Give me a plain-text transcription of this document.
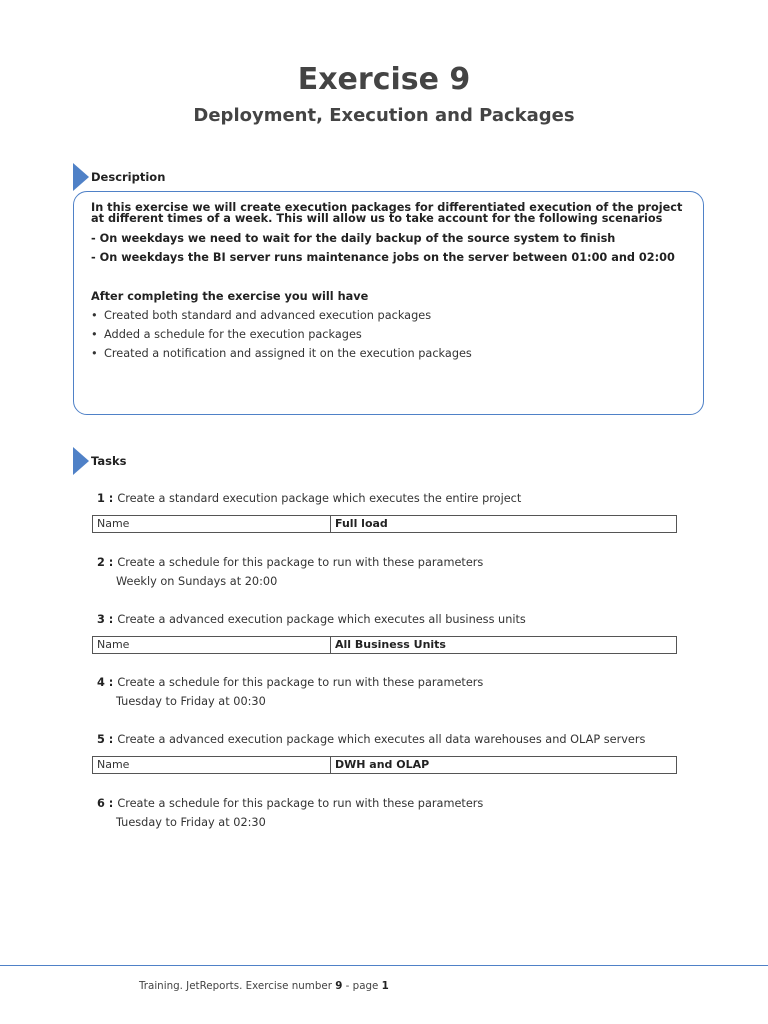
Exercise 9
Deployment, Execution and Packages
Description
In this exercise we will create execution packages for differentiated execution of the project at different times of a week. This will allow us to take account for the following scenarios
- On weekdays we need to wait for the daily backup of the source system to finish
- On weekdays the BI server runs maintenance jobs on the server between 01:00 and 02:00
After completing the exercise you will have
• Created both standard and advanced execution packages
• Added a schedule for the execution packages
• Created a notification and assigned it on the execution packages
Tasks
1 : Create a standard execution package which executes the entire project
Name	Full load
2 : Create a schedule for this package to run with these parameters
Weekly on Sundays at 20:00
3 : Create a advanced execution package which executes all business units
Name	All Business Units
4 : Create a schedule for this package to run with these parameters
Tuesday to Friday at 00:30
5 : Create a advanced execution package which executes all data warehouses and OLAP servers
Name	DWH and OLAP
6 : Create a schedule for this package to run with these parameters
Tuesday to Friday at 02:30
Training. JetReports. Exercise number 9 - page 1
